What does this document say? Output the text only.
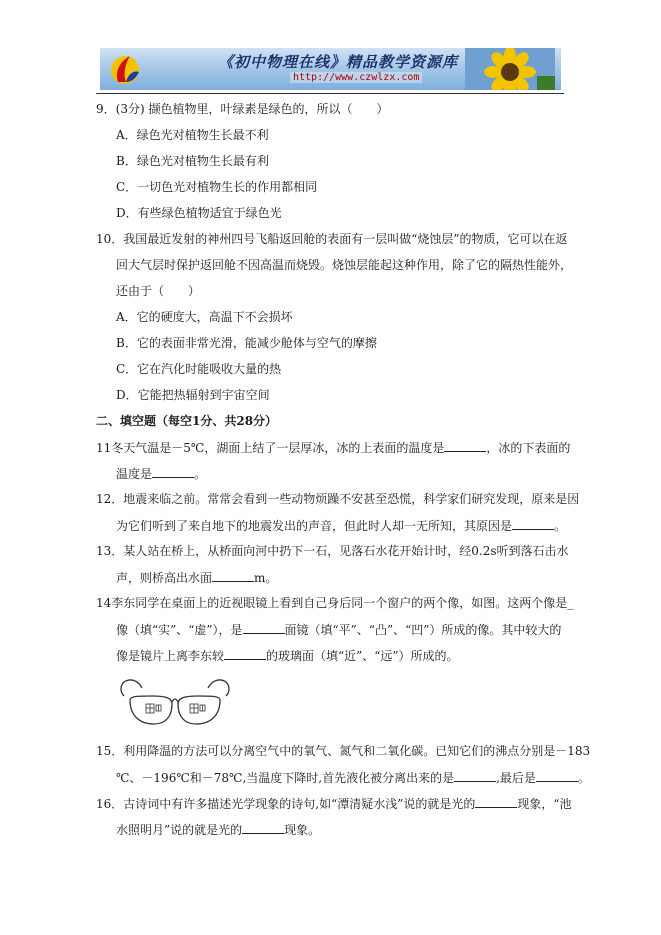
《初中物理在线》精品教学资源库
http://www.czwlzx.com
9．(3分) 撷色植物里，叶绿素是绿色的，所以（　　）
A．绿色光对植物生长最不利
B．绿色光对植物生长最有利
C．一切色光对植物生长的作用都相同
D．有些绿色植物适宜于绿色光
10．我国最近发射的神州四号飞船返回舱的表面有一层叫做“烧蚀层”的物质，它可以在返
回大气层时保护返回舱不因高温而烧毁。烧蚀层能起这种作用，除了它的隔热性能外，
还由于（　　）
A．它的硬度大，高温下不会损坏
B．它的表面非常光滑，能减少舱体与空气的摩擦
C．它在汽化时能吸收大量的热
D．它能把热辐射到宇宙空间
二、填空题（每空1分、共28分）
11冬天气温是－5℃，湖面上结了一层厚冰，冰的上表面的温度是	，冰的下表面的
温度是	。
12．地震来临之前。常常会看到一些动物烦躁不安甚至恐慌，科学家们研究发现，原来是因
为它们听到了来自地下的地震发出的声音，但此时人却一无所知，其原因是	。
13．某人站在桥上，从桥面向河中扔下一石，见落石水花开始计时，经0.2s听到落石击水
声，则桥高出水面	m。
14李东同学在桌面上的近视眼镜上看到自己身后同一个窗户的两个像，如图。这两个像是_
像（填“实”、“虚”），是	面镜（填“平”、“凸”、“凹”）所成的像。其中较大的
像是镜片上离李东较	的玻璃面（填“近”、“远”）所成的。
15．利用降温的方法可以分离空气中的氧气、氮气和二氧化碳。已知它们的沸点分别是－183
℃、－196℃和－78℃,当温度下降时,首先液化被分离出来的是	,最后是	。
16．古诗词中有许多描述光学现象的诗句,如“潭清疑水浅”说的就是光的	现象，“池
水照明月”说的就是光的	现象。
